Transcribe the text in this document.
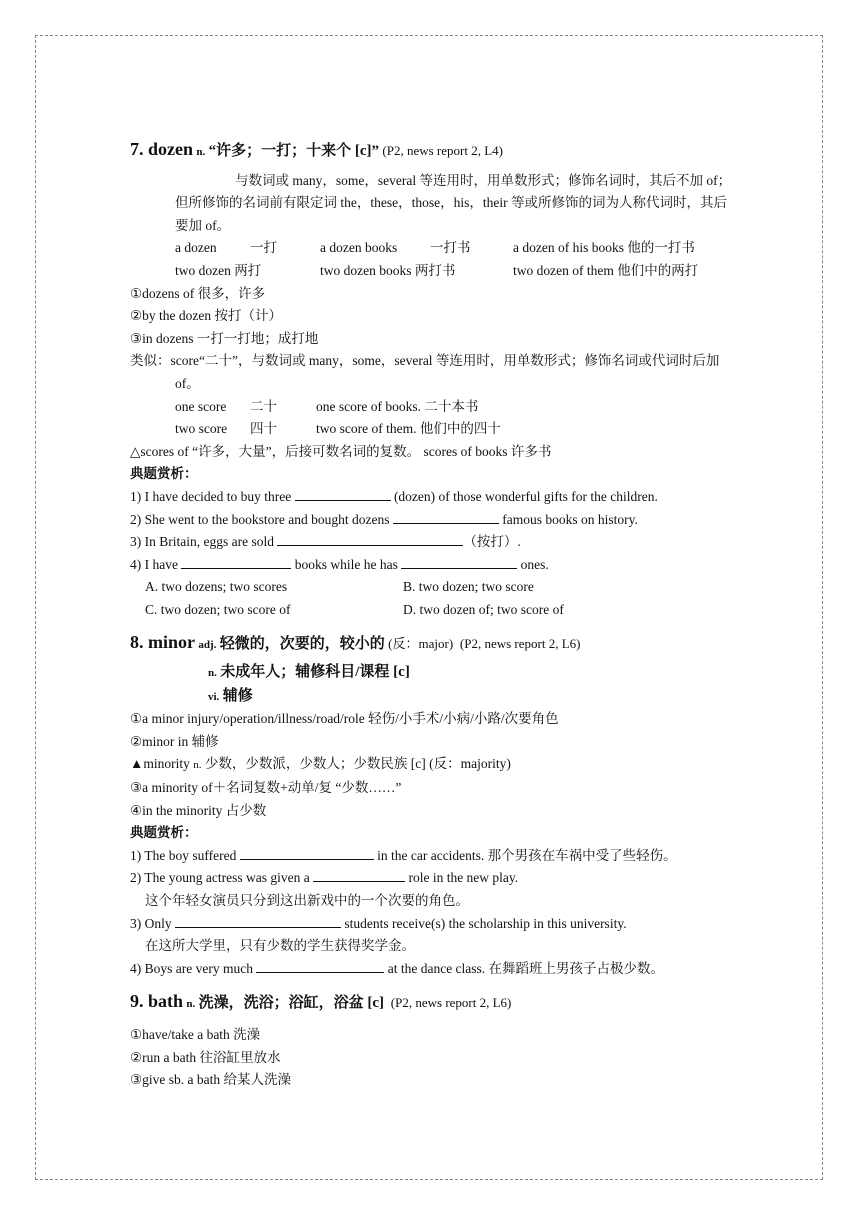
7. dozen n. “许多；一打；十来个 [c]” (P2, news report 2, L4)
与数词或 many，some，several 等连用时，用单数形式；修饰名词时，其后不加 of；但所修饰的名词前有限定词 the，these，those，his，their 等或所修饰的词为人称代词时，其后要加 of。
a dozen	一打	a dozen books	一打书	a dozen of his books 他的一打书
two dozen 两打	two dozen books 两打书	two dozen of them 他们中的两打
①dozens of 很多，许多
②by the dozen 按打（计）
③in dozens 一打一打地；成打地
类似：score“二十”，与数词或 many，some，several 等连用时，用单数形式；修饰名词或代词时后加 of。
one score	二十	one score of books. 二十本书
two score	四十	two score of them. 他们中的四十
△scores of “许多，大量”，后接可数名词的复数。 scores of books 许多书
典题赏析：
1) I have decided to buy three	(dozen) of those wonderful gifts for the children.
2) She went to the bookstore and bought dozens	famous books on history.
3) In Britain, eggs are sold	（按打）.
4) I have	books while he has	ones.
A. two dozens; two scores	B. two dozen; two score
C. two dozen; two score of	D. two dozen of; two score of
8. minor adj. 轻微的，次要的，较小的 (反：major) (P2, news report 2, L6)
n. 未成年人；辅修科目/课程 [c]
vi. 辅修
①a minor injury/operation/illness/road/role 轻伤/小手术/小病/小路/次要角色
②minor in 辅修
▲minority n. 少数，少数派，少数人；少数民族 [c] (反：majority)
③a minority of＋名词复数+动单/复 “少数……”
④in the minority 占少数
典题赏析：
1) The boy suffered	in the car accidents. 那个男孩在车祸中受了些轻伤。
2) The young actress was given a	role in the new play.
这个年轻女演员只分到这出新戏中的一个次要的角色。
3) Only	students receive(s) the scholarship in this university.
在这所大学里，只有少数的学生获得奖学金。
4) Boys are very much	at the dance class. 在舞蹈班上男孩子占极少数。
9. bath n. 洗澡，洗浴；浴缸，浴盆 [c] (P2, news report 2, L6)
①have/take a bath 洗澡
②run a bath 往浴缸里放水
③give sb. a bath 给某人洗澡
